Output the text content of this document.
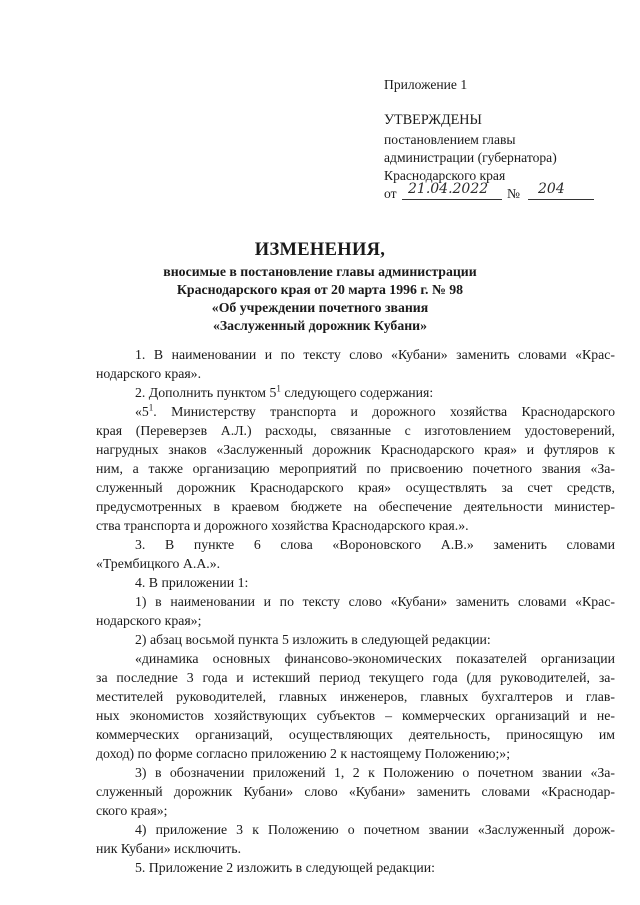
Приложение 1
УТВЕРЖДЕНЫ
постановлением главы
администрации (губернатора)
Краснодарского края
от 21.04.2022 № 204
ИЗМЕНЕНИЯ,
вносимые в постановление главы администрации
Краснодарского края от 20 марта 1996 г. № 98
«Об учреждении почетного звания
«Заслуженный дорожник Кубани»
1. В наименовании и по тексту слово «Кубани» заменить словами «Крас-
нодарского края».
2. Дополнить пунктом $5^1$ следующего содержания:
«$5^1$. Министерству транспорта и дорожного хозяйства Краснодарского
края (Переверзев А.Л.) расходы, связанные с изготовлением удостоверений,
нагрудных знаков «Заслуженный дорожник Краснодарского края» и футляров к
ним, а также организацию мероприятий по присвоению почетного звания «За-
служенный дорожник Краснодарского края» осуществлять за счет средств,
предусмотренных в краевом бюджете на обеспечение деятельности министер-
ства транспорта и дорожного хозяйства Краснодарского края.».
3. В пункте 6 слова «Вороновского А.В.» заменить словами
«Трембицкого А.А.».
4. В приложении 1:
1) в наименовании и по тексту слово «Кубани» заменить словами «Крас-
нодарского края»;
2) абзац восьмой пункта 5 изложить в следующей редакции:
«динамика основных финансово-экономических показателей организации
за последние 3 года и истекший период текущего года (для руководителей, за-
местителей руководителей, главных инженеров, главных бухгалтеров и глав-
ных экономистов хозяйствующих субъектов – коммерческих организаций и не-
коммерческих организаций, осуществляющих деятельность, приносящую им
доход) по форме согласно приложению 2 к настоящему Положению;»;
3) в обозначении приложений 1, 2 к Положению о почетном звании «За-
служенный дорожник Кубани» слово «Кубани» заменить словами «Краснодар-
ского края»;
4) приложение 3 к Положению о почетном звании «Заслуженный дорож-
ник Кубани» исключить.
5. Приложение 2 изложить в следующей редакции:
